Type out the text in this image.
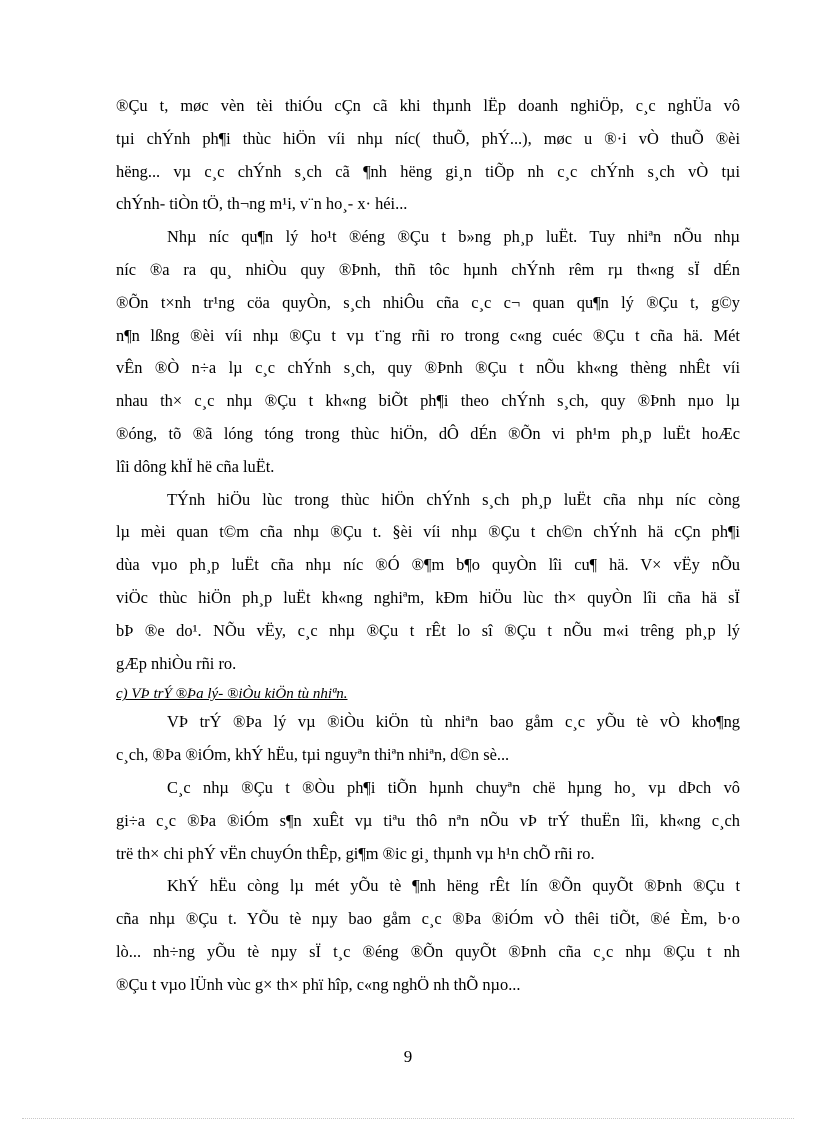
®Çu t, møc vèn tèi thiÓu cÇn cã khi thµnh lËp doanh nghiÖp, c¸c nghÜa vô
tµi chÝnh ph¶i thùc hiÖn víi nhµ níc( thuÕ, phÝ...), møc u ®·i vÒ thuÕ ®èi
hëng... vµ c¸c chÝnh s¸ch cã ¶nh hëng gi¸n tiÕp nh c¸c chÝnh s¸ch vÒ tµi
chÝnh- tiÒn tÖ, th¬ng m¹i, v¨n ho¸- x· héi...

Nhµ níc qu¶n lý ho¹t ®éng ®Çu t b»ng ph¸p luËt. Tuy nhiªn nÕu nhµ
níc ®a ra qu¸ nhiÒu quy ®Þnh, thñ tôc hµnh chÝnh rêm rµ th«ng sÏ dÉn
®Õn t×nh tr¹ng cöa quyÒn, s¸ch nhiÔu cña c¸c c¬ quan qu¶n lý ®Çu t, g©y
n¶n lßng ®èi víi nhµ ®Çu t vµ t¨ng rñi ro trong c«ng cuéc ®Çu t cña hä. Mét
vÊn ®Ò n÷a lµ c¸c chÝnh s¸ch, quy ®Þnh ®Çu t nÕu kh«ng thèng nhÊt víi
nhau th× c¸c nhµ ®Çu t kh«ng biÕt ph¶i theo chÝnh s¸ch, quy ®Þnh nµo lµ
®óng, tõ ®ã lóng tóng trong thùc hiÖn, dÔ dÉn ®Õn vi ph¹m ph¸p luËt hoÆc
lîi dông khÏ hë cña luËt.

TÝnh hiÖu lùc trong thùc hiÖn chÝnh s¸ch ph¸p luËt cña nhµ níc còng
lµ mèi quan t©m cña nhµ ®Çu t. §èi víi nhµ ®Çu t ch©n chÝnh hä cÇn ph¶i
dùa vµo ph¸p luËt cña nhµ níc ®Ó ®¶m b¶o quyÒn lîi cu¶ hä. V× vËy nÕu
viÖc thùc hiÖn ph¸p luËt kh«ng nghiªm, kÐm hiÖu lùc th× quyÒn lîi cña hä sÏ
bÞ ®e do¹. NÕu vËy, c¸c nhµ ®Çu t rÊt lo sî ®Çu t nÕu m«i trêng ph¸p lý
gÆp nhiÒu rñi ro.

c) VÞ trÝ ®Þa lý- ®iÒu kiÖn tù nhiªn.

VÞ trÝ ®Þa lý vµ ®iÒu kiÖn tù nhiªn bao gåm c¸c yÕu tè vÒ kho¶ng
c¸ch, ®Þa ®iÓm, khÝ hËu, tµi nguyªn thiªn nhiªn, d©n sè...

C¸c nhµ ®Çu t ®Òu ph¶i tiÕn hµnh chuyªn chë hµng ho¸ vµ dÞch vô
gi÷a c¸c ®Þa ®iÓm s¶n xuÊt vµ tiªu thô nªn nÕu vÞ trÝ thuËn lîi, kh«ng c¸ch
trë th× chi phÝ vËn chuyÓn thÊp, gi¶m ®ic gi¸ thµnh vµ h¹n chÕ rñi ro.

KhÝ hËu còng lµ mét yÕu tè ¶nh hëng rÊt lín ®Õn quyÕt ®Þnh ®Çu t
cña nhµ ®Çu t. YÕu tè nµy bao gåm c¸c ®Þa ®iÓm vÒ thêi tiÕt, ®é Èm, b·o
lò... nh÷ng yÕu tè nµy sÏ t¸c ®éng ®Õn quyÕt ®Þnh cña c¸c nhµ ®Çu t nh
®Çu t vµo lÜnh vùc g× th× phï hîp, c«ng nghÖ nh thÕ nµo...

9
